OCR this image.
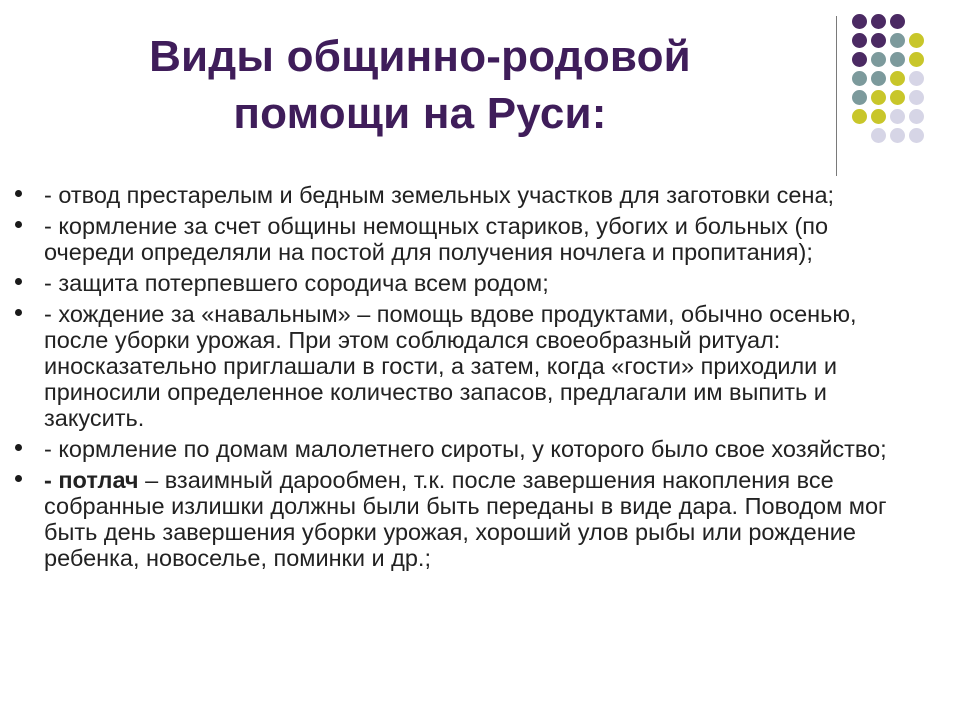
Виды общинно-родовой
помощи на Руси:
- отвод престарелым и бедным земельных участков для заготовки сена;
- кормление за счет общины немощных стариков, убогих и больных (по очереди определяли на постой для получения ночлега и пропитания);
- защита потерпевшего сородича всем родом;
- хождение за «навальным» – помощь вдове продуктами, обычно осенью, после уборки урожая. При этом соблюдался своеобразный ритуал: иносказательно приглашали в гости, а затем, когда «гости» приходили и приносили определенное количество запасов, предлагали им выпить и закусить.
- кормление по домам малолетнего сироты, у которого было свое хозяйство;
- потлач – взаимный дарообмен, т.к. после завершения накопления все собранные излишки должны были быть переданы в виде дара. Поводом мог быть день завершения уборки урожая, хороший улов рыбы или рождение ребенка, новоселье, поминки и др.;
